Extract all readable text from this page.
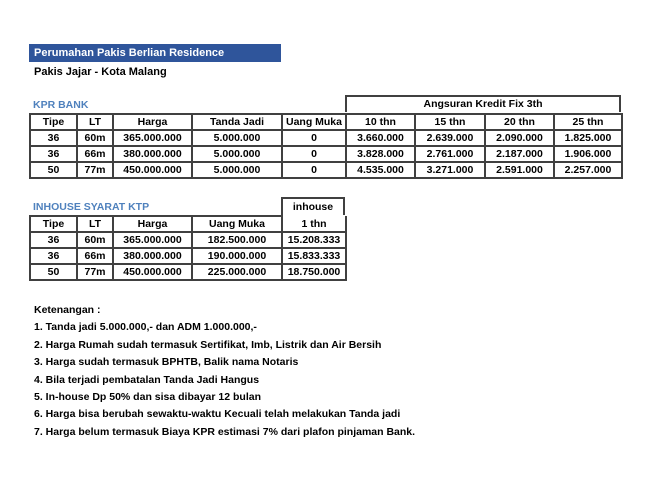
Perumahan Pakis Berlian Residence
Pakis Jajar - Kota Malang
KPR BANK	Angsuran Kredit Fix 3th
Tipe	LT	Harga	Tanda Jadi	Uang Muka	10 thn	15 thn	20 thn	25 thn
36	60m	365.000.000	5.000.000	0	3.660.000	2.639.000	2.090.000	1.825.000
36	66m	380.000.000	5.000.000	0	3.828.000	2.761.000	2.187.000	1.906.000
50	77m	450.000.000	5.000.000	0	4.535.000	3.271.000	2.591.000	2.257.000
INHOUSE SYARAT KTP	inhouse
Tipe	LT	Harga	Uang Muka	1 thn
36	60m	365.000.000	182.500.000	15.208.333
36	66m	380.000.000	190.000.000	15.833.333
50	77m	450.000.000	225.000.000	18.750.000
Ketenangan :
1. Tanda jadi 5.000.000,- dan ADM 1.000.000,-
2. Harga Rumah sudah termasuk Sertifikat, Imb, Listrik dan Air Bersih
3. Harga sudah termasuk BPHTB, Balik nama Notaris
4. Bila terjadi pembatalan Tanda Jadi Hangus
5. In-house Dp 50% dan sisa dibayar 12 bulan
6. Harga bisa berubah sewaktu-waktu Kecuali telah melakukan Tanda jadi
7. Harga belum termasuk Biaya KPR estimasi 7% dari plafon pinjaman Bank.
